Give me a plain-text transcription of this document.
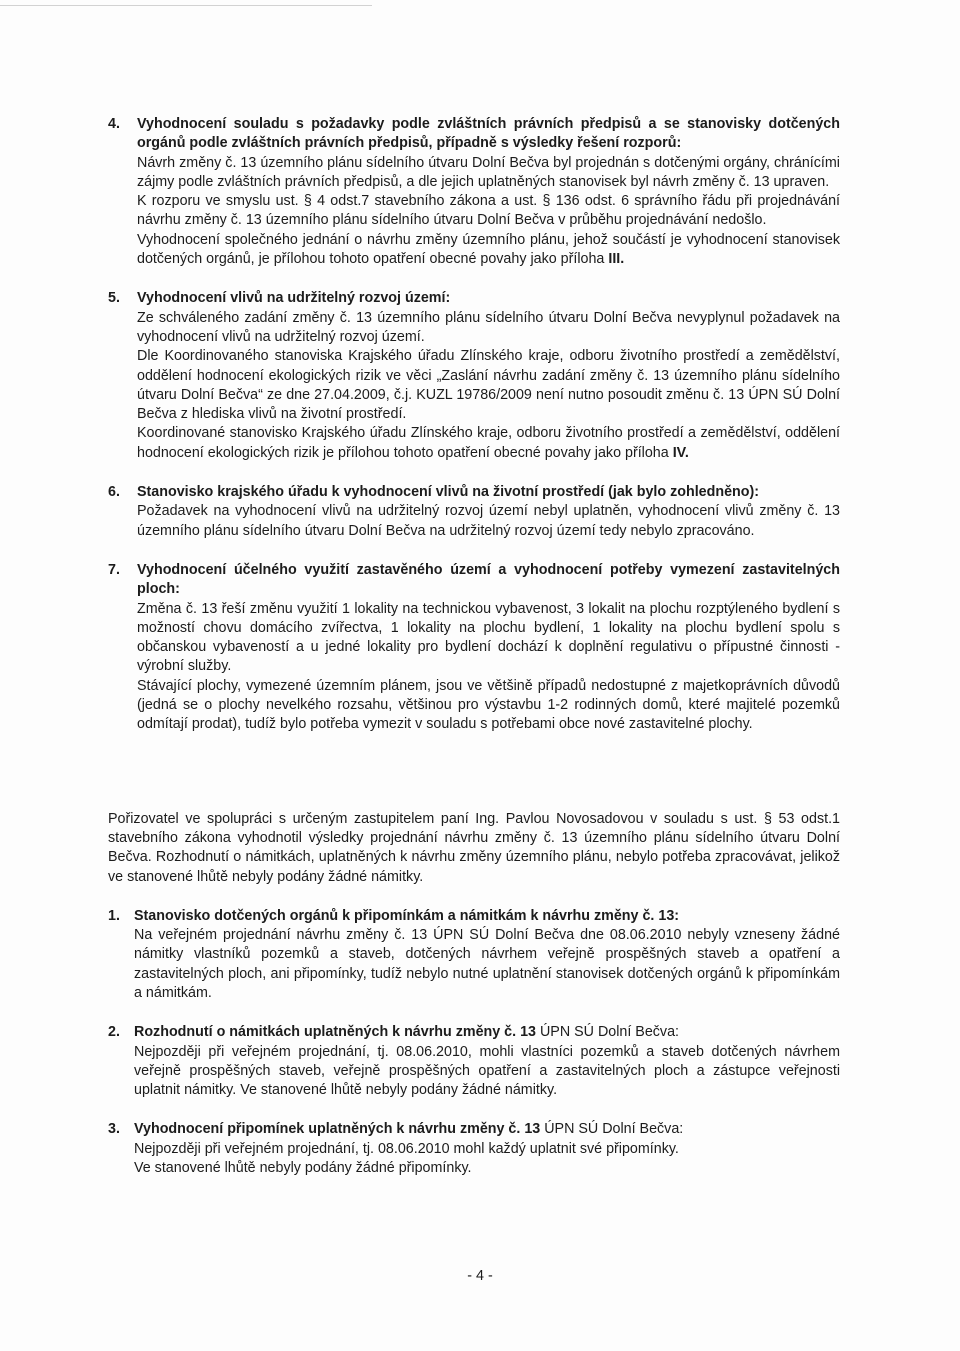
4. Vyhodnocení souladu s požadavky podle zvláštních právních předpisů a se stanovisky dotčených orgánů podle zvláštních právních předpisů, případně s výsledky řešení rozporů:

Návrh změny č. 13 územního plánu sídelního útvaru Dolní Bečva byl projednán s dotčenými orgány, chránícími zájmy podle zvláštních právních předpisů, a dle jejich uplatněných stanovisek byl návrh změny č. 13 upraven.

K rozporu ve smyslu ust. § 4 odst.7 stavebního zákona a ust. § 136 odst. 6 správního řádu při projednávání návrhu změny č. 13 územního plánu sídelního útvaru Dolní Bečva v průběhu projednávání nedošlo.

Vyhodnocení společného jednání o návrhu změny územního plánu, jehož součástí je vyhodnocení stanovisek dotčených orgánů, je přílohou tohoto opatření obecné povahy jako příloha III.

5. Vyhodnocení vlivů na udržitelný rozvoj území:

Ze schváleného zadání změny č. 13 územního plánu sídelního útvaru Dolní Bečva nevyplynul požadavek na vyhodnocení vlivů na udržitelný rozvoj území.

Dle Koordinovaného stanoviska Krajského úřadu Zlínského kraje, odboru životního prostředí a zemědělství, oddělení hodnocení ekologických rizik ve věci „Zaslání návrhu zadání změny č. 13 územního plánu sídelního útvaru Dolní Bečva“ ze dne 27.04.2009, č.j. KUZL 19786/2009 není nutno posoudit změnu č. 13 ÚPN SÚ Dolní Bečva z hlediska vlivů na životní prostředí.

Koordinované stanovisko Krajského úřadu Zlínského kraje, odboru životního prostředí a zemědělství, oddělení hodnocení ekologických rizik je přílohou tohoto opatření obecné povahy jako příloha IV.

6. Stanovisko krajského úřadu k vyhodnocení vlivů na životní prostředí (jak bylo zohledněno):

Požadavek na vyhodnocení vlivů na udržitelný rozvoj území nebyl uplatněn, vyhodnocení vlivů změny č. 13 územního plánu sídelního útvaru Dolní Bečva na udržitelný rozvoj území tedy nebylo zpracováno.

7. Vyhodnocení účelného využití zastavěného území a vyhodnocení potřeby vymezení zastavitelných ploch:

Změna č. 13 řeší změnu využití 1 lokality na technickou vybavenost, 3 lokalit na plochu rozptýleného bydlení s možností chovu domácího zvířectva, 1 lokality na plochu bydlení, 1 lokality na plochu bydlení spolu s občanskou vybaveností a u jedné lokality pro bydlení dochází k doplnění regulativu o přípustné činnosti - výrobní služby.

Stávající plochy, vymezené územním plánem, jsou ve většině případů nedostupné z majetkoprávních důvodů (jedná se o plochy nevelkého rozsahu, většinou pro výstavbu 1-2 rodinných domů, které majitelé pozemků odmítají prodat), tudíž bylo potřeba vymezit v souladu s potřebami obce nové zastavitelné plochy.

Pořizovatel ve spolupráci s určeným zastupitelem paní Ing. Pavlou Novosadovou v souladu s ust. § 53 odst.1 stavebního zákona vyhodnotil výsledky projednání návrhu změny č. 13 územního plánu sídelního útvaru Dolní Bečva. Rozhodnutí o námitkách, uplatněných k návrhu změny územního plánu, nebylo potřeba zpracovávat, jelikož ve stanovené lhůtě nebyly podány žádné námitky.

1. Stanovisko dotčených orgánů k připomínkám a námitkám k návrhu změny č. 13:

Na veřejném projednání návrhu změny č. 13 ÚPN SÚ Dolní Bečva dne 08.06.2010 nebyly vzneseny žádné námitky vlastníků pozemků a staveb, dotčených návrhem veřejně prospěšných staveb a opatření a zastavitelných ploch, ani připomínky, tudíž nebylo nutné uplatnění stanovisek dotčených orgánů k připomínkám a námitkám.

2. Rozhodnutí o námitkách uplatněných k návrhu změny č. 13 ÚPN SÚ Dolní Bečva:

Nejpozději při veřejném projednání, tj. 08.06.2010, mohli vlastníci pozemků a staveb dotčených návrhem veřejně prospěšných staveb, veřejně prospěšných opatření a zastavitelných ploch a zástupce veřejnosti uplatnit námitky. Ve stanovené lhůtě nebyly podány žádné námitky.

3. Vyhodnocení připomínek uplatněných k návrhu změny č. 13 ÚPN SÚ Dolní Bečva:

Nejpozději při veřejném projednání, tj. 08.06.2010 mohl každý uplatnit své připomínky.

Ve stanovené lhůtě nebyly podány žádné připomínky.

- 4 -
